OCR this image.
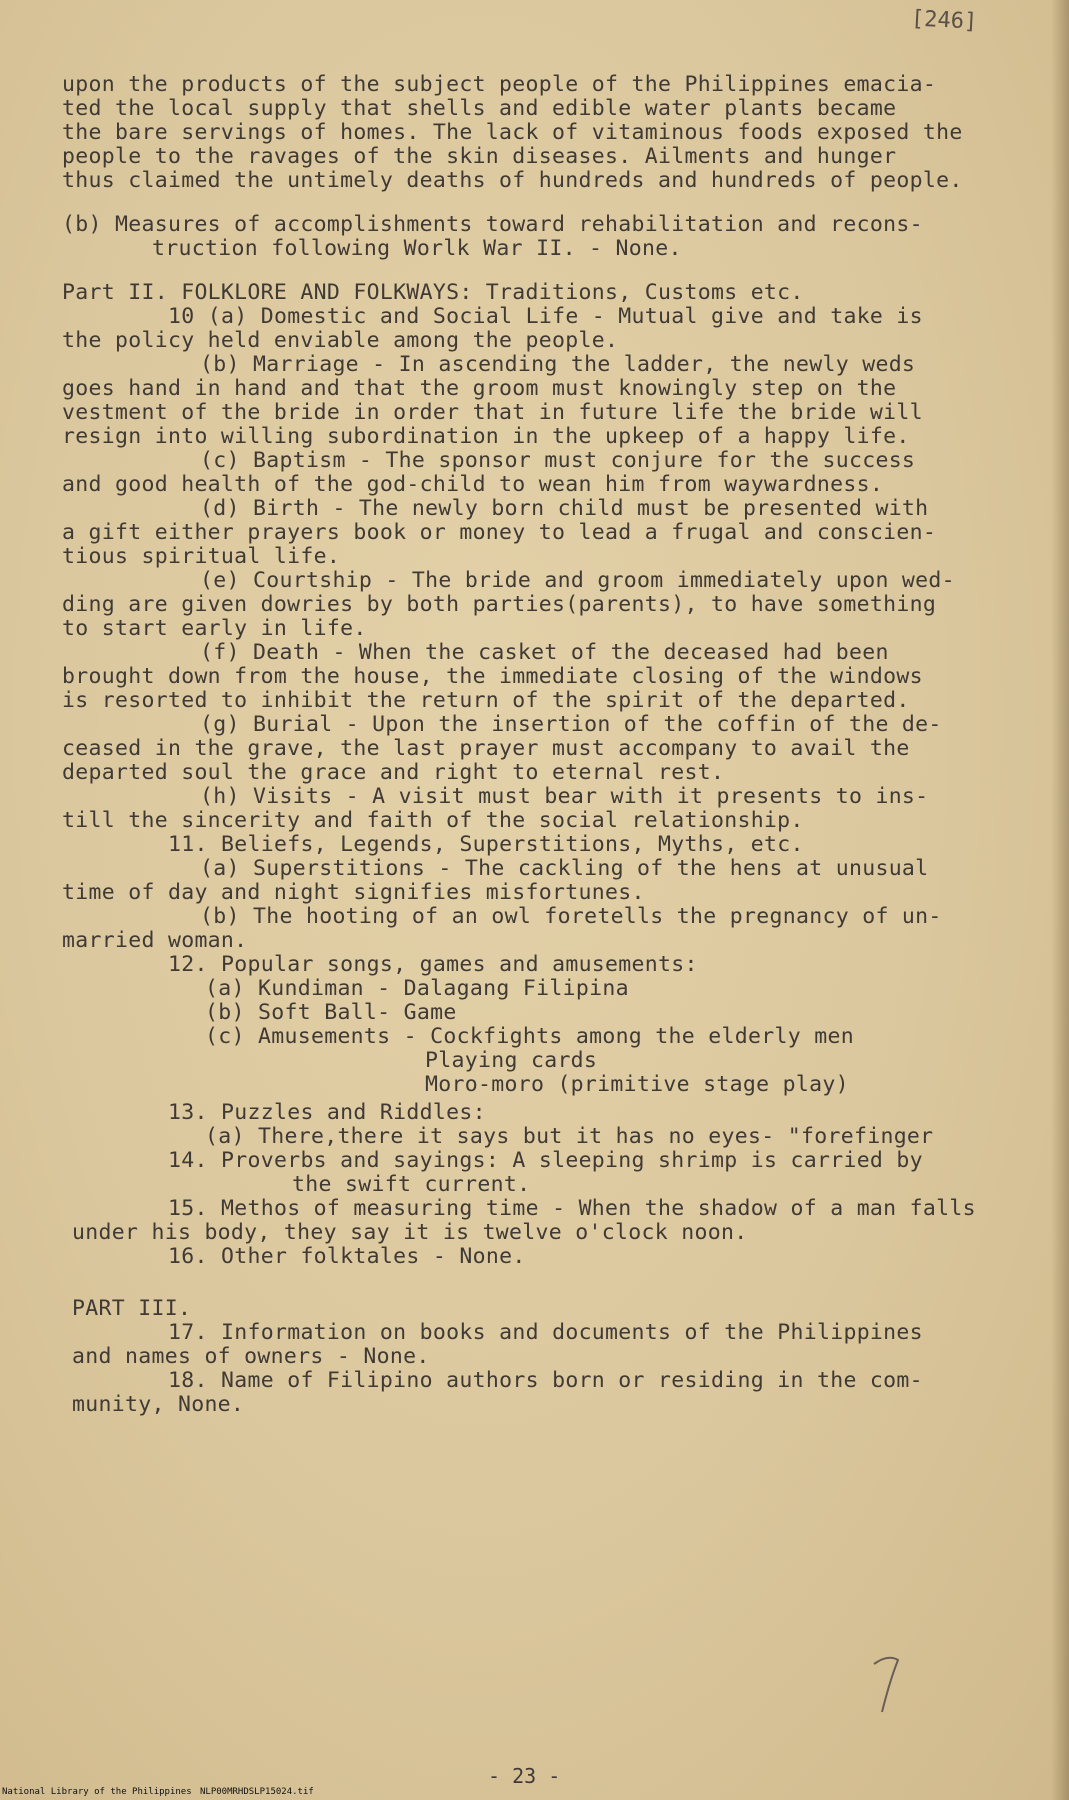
[246]
upon the products of the subject people of the Philippines emacia-
ted the local supply that shells and edible water plants became
the bare servings of homes. The lack of vitaminous foods exposed the
people to the ravages of the skin diseases. Ailments and hunger
thus claimed the untimely deaths of hundreds and hundreds of people.
(b) Measures of accomplishments toward rehabilitation and recons-
truction following Worlk War II. - None.
Part II. FOLKLORE AND FOLKWAYS: Traditions, Customs etc.
10 (a) Domestic and Social Life - Mutual give and take is
the policy held enviable among the people.
(b) Marriage - In ascending the ladder, the newly weds
goes hand in hand and that the groom must knowingly step on the
vestment of the bride in order that in future life the bride will
resign into willing subordination in the upkeep of a happy life.
(c) Baptism - The sponsor must conjure for the success
and good health of the god-child to wean him from waywardness.
(d) Birth - The newly born child must be presented with
a gift either prayers book or money to lead a frugal and conscien-
tious spiritual life.
(e) Courtship - The bride and groom immediately upon wed-
ding are given dowries by both parties(parents), to have something
to start early in life.
(f) Death - When the casket of the deceased had been
brought down from the house, the immediate closing of the windows
is resorted to inhibit the return of the spirit of the departed.
(g) Burial - Upon the insertion of the coffin of the de-
ceased in the grave, the last prayer must accompany to avail the
departed soul the grace and right to eternal rest.
(h) Visits - A visit must bear with it presents to ins-
till the sincerity and faith of the social relationship.
11. Beliefs, Legends, Superstitions, Myths, etc.
(a) Superstitions - The cackling of the hens at unusual
time of day and night signifies misfortunes.
(b) The hooting of an owl foretells the pregnancy of un-
married woman.
12. Popular songs, games and amusements:
(a) Kundiman - Dalagang Filipina
(b) Soft Ball- Game
(c) Amusements - Cockfights among the elderly men
Playing cards
Moro-moro (primitive stage play)
13. Puzzles and Riddles:
(a) There,there it says but it has no eyes- "forefinger
14. Proverbs and sayings: A sleeping shrimp is carried by
the swift current.
15. Methos of measuring time - When the shadow of a man falls
under his body, they say it is twelve o'clock noon.
16. Other folktales - None.
PART III.
17. Information on books and documents of the Philippines
and names of owners - None.
18. Name of Filipino authors born or residing in the com-
munity, None.
- 23 -
National Library of the Philippines NLP00MRHDSLP15024.tif
